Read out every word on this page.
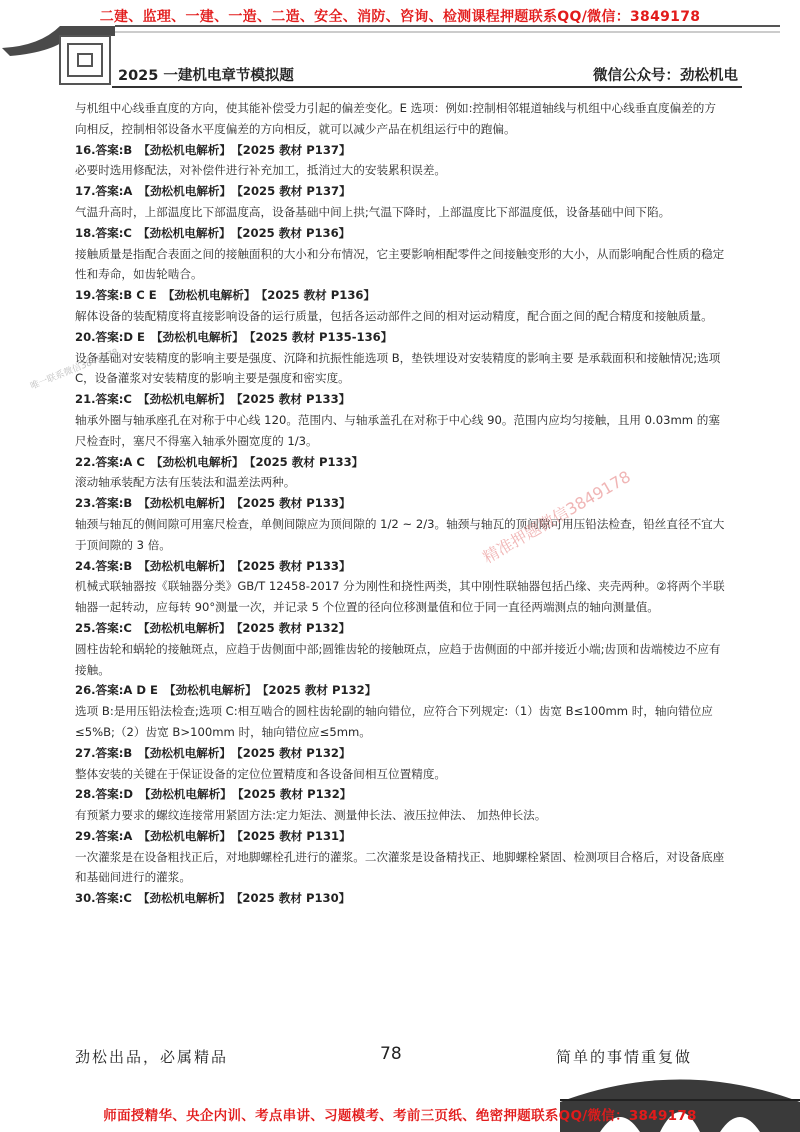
二建、监理、一建、一造、二造、安全、消防、咨询、检测课程押题联系QQ/微信：3849178
2025 一建机电章节模拟题	微信公众号：劲松机电

与机组中心线垂直度的方向，使其能补偿受力引起的偏差变化。E 选项：例如:控制相邻辊道轴线与机组中心线垂直度偏差的方向相反，控制相邻设备水平度偏差的方向相反，就可以减少产品在机组运行中的跑偏。

16.答案:B 【劲松机电解析】 【2025 教材 P137】

必要时选用修配法，对补偿件进行补充加工，抵消过大的安装累积误差。

17.答案:A 【劲松机电解析】 【2025 教材 P137】

气温升高时，上部温度比下部温度高，设备基础中间上拱;气温下降时，上部温度比下部温度低，设备基础中间下陷。

18.答案:C 【劲松机电解析】 【2025 教材 P136】

接触质量是指配合表面之间的接触面积的大小和分布情况，它主要影响相配零件之间接触变形的大小，从而影响配合性质的稳定性和寿命，如齿轮啮合。

19.答案:B C E 【劲松机电解析】 【2025 教材 P136】

解体设备的装配精度将直接影响设备的运行质量，包括各运动部件之间的相对运动精度，配合面之间的配合精度和接触质量。

20.答案:D E 【劲松机电解析】 【2025 教材 P135-136】

设备基础对安装精度的影响主要是强度、沉降和抗振性能选项 B，垫铁埋设对安装精度的影响主要 是承载面积和接触情况;选项 C，设备灌浆对安装精度的影响主要是强度和密实度。

21.答案:C 【劲松机电解析】 【2025 教材 P133】

轴承外圈与轴承座孔在对称于中心线 120。范围内、与轴承盖孔在对称于中心线 90。范围内应均匀接触，且用 0.03mm 的塞尺检查时，塞尺不得塞入轴承外圈宽度的 1/3。

22.答案:A C 【劲松机电解析】 【2025 教材 P133】

滚动轴承装配方法有压装法和温差法两种。

23.答案:B 【劲松机电解析】 【2025 教材 P133】

轴颈与轴瓦的侧间隙可用塞尺检查，单侧间隙应为顶间隙的 1/2 ~ 2/3。轴颈与轴瓦的顶间隙可用压铅法检查，铅丝直径不宜大于顶间隙的 3 倍。

24.答案:B 【劲松机电解析】 【2025 教材 P133】

机械式联轴器按《联轴器分类》GB/T 12458-2017 分为刚性和挠性两类，其中刚性联轴器包括凸缘、夹壳两种。②将两个半联轴器一起转动，应每转 90°测量一次，并记录 5 个位置的径向位移测量值和位于同一直径两端测点的轴向测量值。

25.答案:C 【劲松机电解析】 【2025 教材 P132】

圆柱齿轮和蜗轮的接触斑点，应趋于齿侧面中部;圆锥齿轮的接触斑点，应趋于齿侧面的中部并接近小端;齿顶和齿端棱边不应有接触。

26.答案:A D E 【劲松机电解析】 【2025 教材 P132】

选项 B:是用压铅法检查;选项 C:相互啮合的圆柱齿轮副的轴向错位，应符合下列规定:（1）齿宽 B≤100mm 时，轴向错位应≤5%B;（2）齿宽 B>100mm 时，轴向错位应≤5mm。

27.答案:B 【劲松机电解析】 【2025 教材 P132】

整体安装的关键在于保证设备的定位位置精度和各设备间相互位置精度。

28.答案:D 【劲松机电解析】 【2025 教材 P132】

有预紧力要求的螺纹连接常用紧固方法:定力矩法、测量伸长法、液压拉伸法、 加热伸长法。

29.答案:A 【劲松机电解析】 【2025 教材 P131】

一次灌浆是在设备粗找正后，对地脚螺栓孔进行的灌浆。二次灌浆是设备精找正、地脚螺栓紧固、检测项目合格后，对设备底座和基础间进行的灌浆。

30.答案:C 【劲松机电解析】 【2025 教材 P130】

精准押题微信3849178
唯一联系微信3849178
劲松出品，必属精品	78	简单的事情重复做
师面授精华、央企内训、考点串讲、习题模考、考前三页纸、绝密押题联系QQ/微信：3849178
